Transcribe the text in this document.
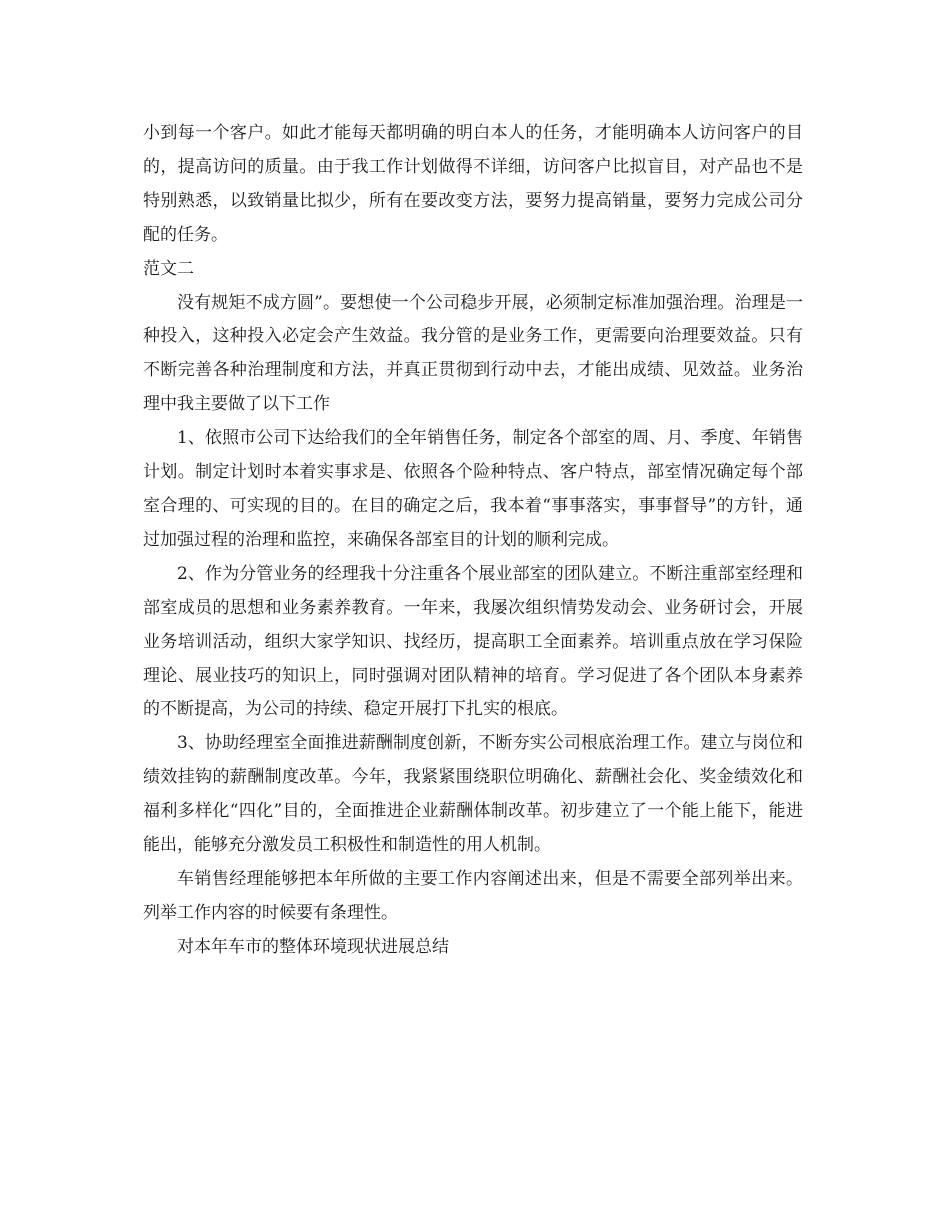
小到每一个客户。如此才能每天都明确的明白本人的任务，才能明确本人访问客户的目的，提高访问的质量。由于我工作计划做得不详细，访问客户比拟盲目，对产品也不是特别熟悉，以致销量比拟少，所有在要改变方法，要努力提高销量，要努力完成公司分配的任务。

范文二

没有规矩不成方圆”。要想使一个公司稳步开展，必须制定标准加强治理。治理是一种投入，这种投入必定会产生效益。我分管的是业务工作，更需要向治理要效益。只有不断完善各种治理制度和方法，并真正贯彻到行动中去，才能出成绩、见效益。业务治理中我主要做了以下工作

1、依照市公司下达给我们的全年销售任务，制定各个部室的周、月、季度、年销售计划。制定计划时本着实事求是、依照各个险种特点、客户特点，部室情况确定每个部室合理的、可实现的目的。在目的确定之后，我本着“事事落实，事事督导”的方针，通过加强过程的治理和监控，来确保各部室目的计划的顺利完成。

2、作为分管业务的经理我十分注重各个展业部室的团队建立。不断注重部室经理和部室成员的思想和业务素养教育。一年来，我屡次组织情势发动会、业务研讨会，开展业务培训活动，组织大家学知识、找经历，提高职工全面素养。培训重点放在学习保险理论、展业技巧的知识上，同时强调对团队精神的培育。学习促进了各个团队本身素养的不断提高，为公司的持续、稳定开展打下扎实的根底。

3、协助经理室全面推进薪酬制度创新，不断夯实公司根底治理工作。建立与岗位和绩效挂钩的薪酬制度改革。今年，我紧紧围绕职位明确化、薪酬社会化、奖金绩效化和福利多样化“四化”目的，全面推进企业薪酬体制改革。初步建立了一个能上能下，能进能出，能够充分激发员工积极性和制造性的用人机制。

车销售经理能够把本年所做的主要工作内容阐述出来，但是不需要全部列举出来。列举工作内容的时候要有条理性。

对本年车市的整体环境现状进展总结
